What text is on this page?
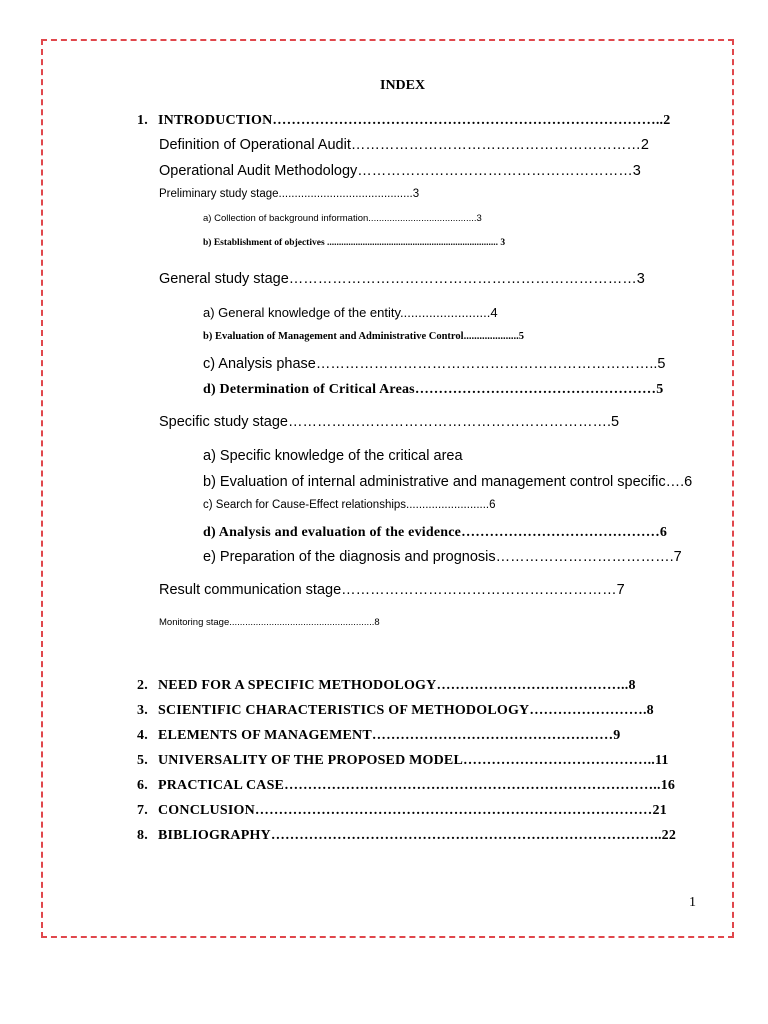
INDEX
1. INTRODUCTION………………………………………………………………………..2
Definition of Operational Audit……………………………………………………2
Operational Audit Methodology…………………………………………………3
Preliminary study stage..........................................3
a) Collection of background information.........................................3
b) Establishment of objectives ........................................................................ 3
General study stage………………………………………………………………3
a) General knowledge of the entity.........................4
b) Evaluation of Management and Administrative Control.....................5
c) Analysis phase……………………………………………………………..5
d) Determination of Critical Areas……………………………………………5
Specific study stage………………………………………………………….5
a) Specific knowledge of the critical area
b) Evaluation of internal administrative and management control specific….6
c) Search for Cause-Effect relationships..........................6
d) Analysis and evaluation of the evidence……………………………………6
e) Preparation of the diagnosis and prognosis……………………………….7
Result communication stage…………………………………………………7
Monitoring stage.......................................................8
2. NEED FOR A SPECIFIC METHODOLOGY…………………………………..8
3. SCIENTIFIC CHARACTERISTICS OF METHODOLOGY…………………….8
4. ELEMENTS OF MANAGEMENT……………………………………………9
5. UNIVERSALITY OF THE PROPOSED MODEL…………………………………..11
6. PRACTICAL CASE……………………………………………………………………..16
7. CONCLUSION…………………………………………………………………………21
8. BIBLIOGRAPHY………………………………………………………………………..22
1
